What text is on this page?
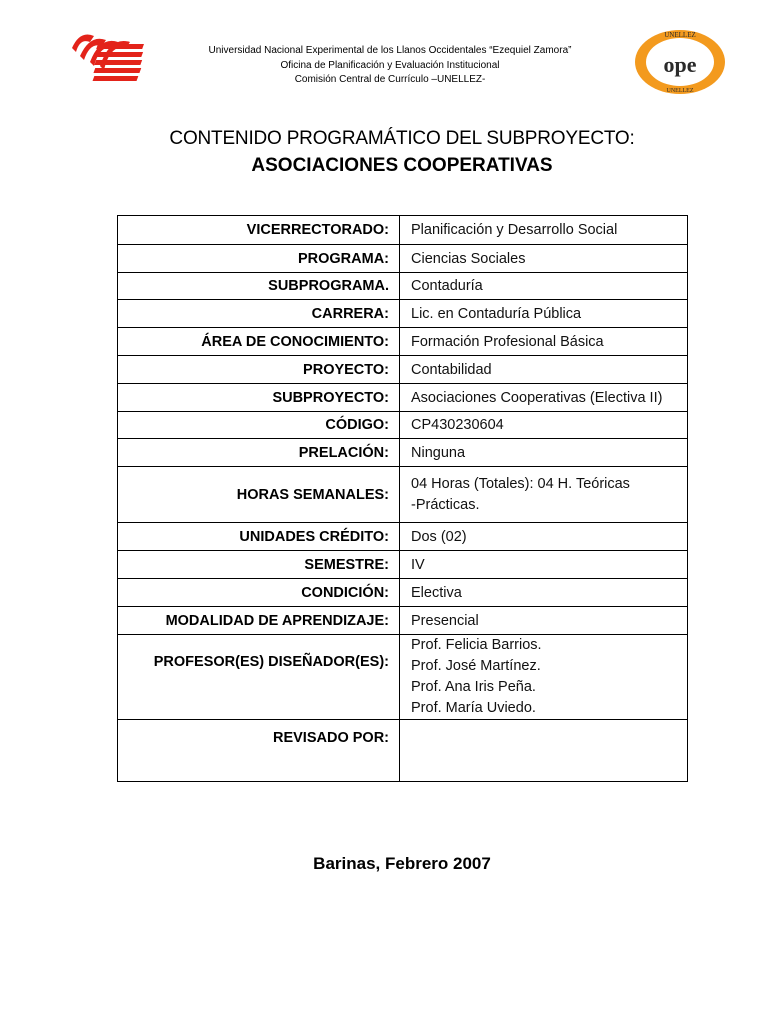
Universidad Nacional Experimental de los Llanos Occidentales “Ezequiel Zamora”
Oficina de Planificación y Evaluación Institucional
Comisión Central de Currículo –UNELLEZ-
UNELLEZ
UNELLEZ
ope
CONTENIDO PROGRAMÁTICO DEL SUBPROYECTO:
ASOCIACIONES COOPERATIVAS
VICERRECTORADO:	Planificación y Desarrollo Social
PROGRAMA:	Ciencias Sociales
SUBPROGRAMA.	Contaduría
CARRERA:	Lic. en Contaduría Pública
ÁREA DE CONOCIMIENTO:	Formación Profesional Básica
PROYECTO:	Contabilidad
SUBPROYECTO:	Asociaciones Cooperativas (Electiva II)
CÓDIGO:	CP430230604
PRELACIÓN:	Ninguna
HORAS SEMANALES:	04 Horas (Totales): 04 H. Teóricas
-Prácticas.

UNIDADES CRÉDITO:	Dos (02)
SEMESTRE:	IV
CONDICIÓN:	Electiva
MODALIDAD DE APRENDIZAJE:	Presencial
PROFESOR(ES) DISEÑADOR(ES):	Prof. Felicia Barrios.
Prof. José Martínez.
Prof. Ana Iris Peña.
Prof. María Uviedo.

REVISADO POR:	
Barinas, Febrero 2007
